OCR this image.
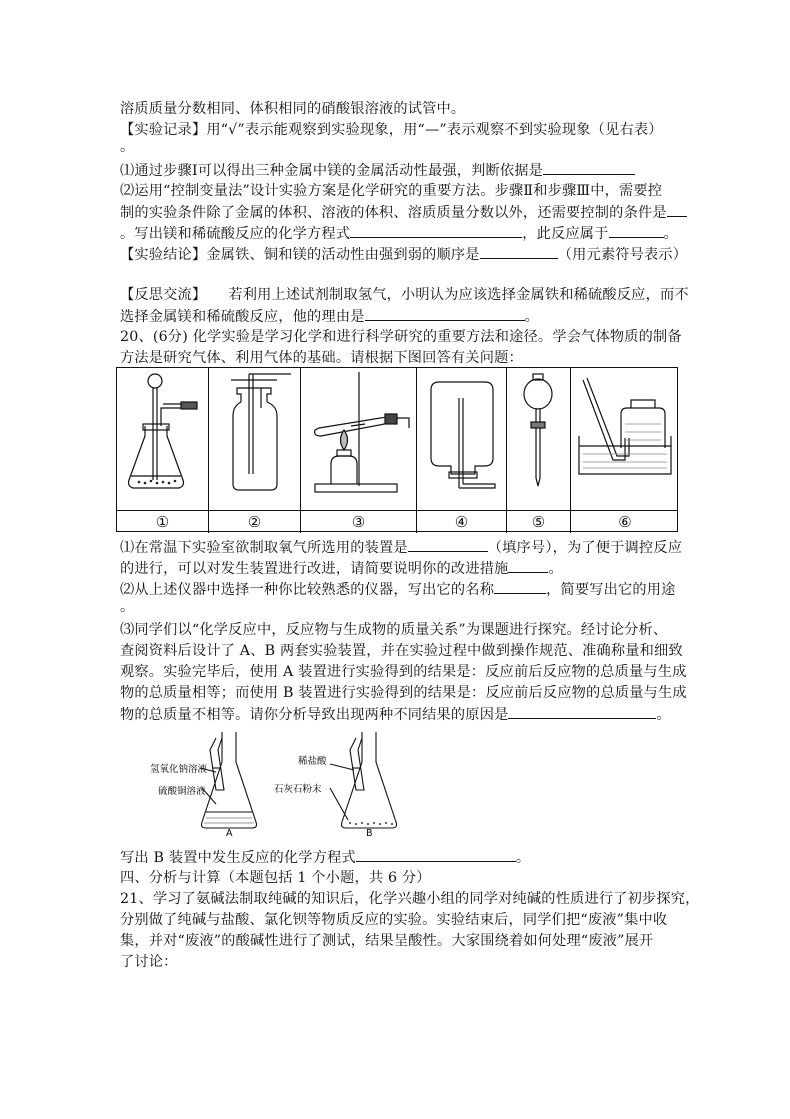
溶质质量分数相同、体积相同的硝酸银溶液的试管中。
【实验记录】用“√”表示能观察到实验现象，用“—”表示观察不到实验现象（见右表）
。
⑴通过步骤Ⅰ可以得出三种金属中镁的金属活动性最强，判断依据是
⑵运用“控制变量法”设计实验方案是化学研究的重要方法。步骤Ⅱ和步骤Ⅲ中，需要控
制的实验条件除了金属的体积、溶液的体积、溶质质量分数以外，还需要控制的条件是
。写出镁和稀硫酸反应的化学方程式	，此反应属于	。
【实验结论】金属铁、铜和镁的活动性由强到弱的顺序是	（用元素符号表示）
【反思交流】 若利用上述试剂制取氢气，小明认为应该选择金属铁和稀硫酸反应，而不
选择金属镁和稀硫酸反应，他的理由是	。
20、(6分) 化学实验是学习化学和进行科学研究的重要方法和途径。学会气体物质的制备
方法是研究气体、利用气体的基础。请根据下图回答有关问题：
①	②	③	④	⑤	⑥
⑴在常温下实验室欲制取氧气所选用的装置是	（填序号），为了便于调控反应
的进行，可以对发生装置进行改进，请简要说明你的改进措施	。
⑵从上述仪器中选择一种你比较熟悉的仪器，写出它的名称	，简要写出它的用途
。
⑶同学们以“化学反应中，反应物与生成物的质量关系”为课题进行探究。经讨论分析、
查阅资料后设计了 A、B 两套实验装置，并在实验过程中做到操作规范、准确称量和细致
观察。实验完毕后，使用 A 装置进行实验得到的结果是：反应前后反应物的总质量与生成
物的总质量相等；而使用 B 装置进行实验得到的结果是：反应前后反应物的总质量与生成
物的总质量不相等。请你分析导致出现两种不同结果的原因是	。
氢氧化钠溶液
硫酸铜溶液
A
稀盐酸
石灰石粉末
B
写出 B 装置中发生反应的化学方程式	。
四、分析与计算（本题包括 1 个小题，共 6 分）
21、学习了氨碱法制取纯碱的知识后，化学兴趣小组的同学对纯碱的性质进行了初步探究，
分别做了纯碱与盐酸、氯化钡等物质反应的实验。实验结束后，同学们把“废液”集中收
集，并对“废液”的酸碱性进行了测试，结果呈酸性。大家围绕着如何处理“废液”展开
了讨论：
